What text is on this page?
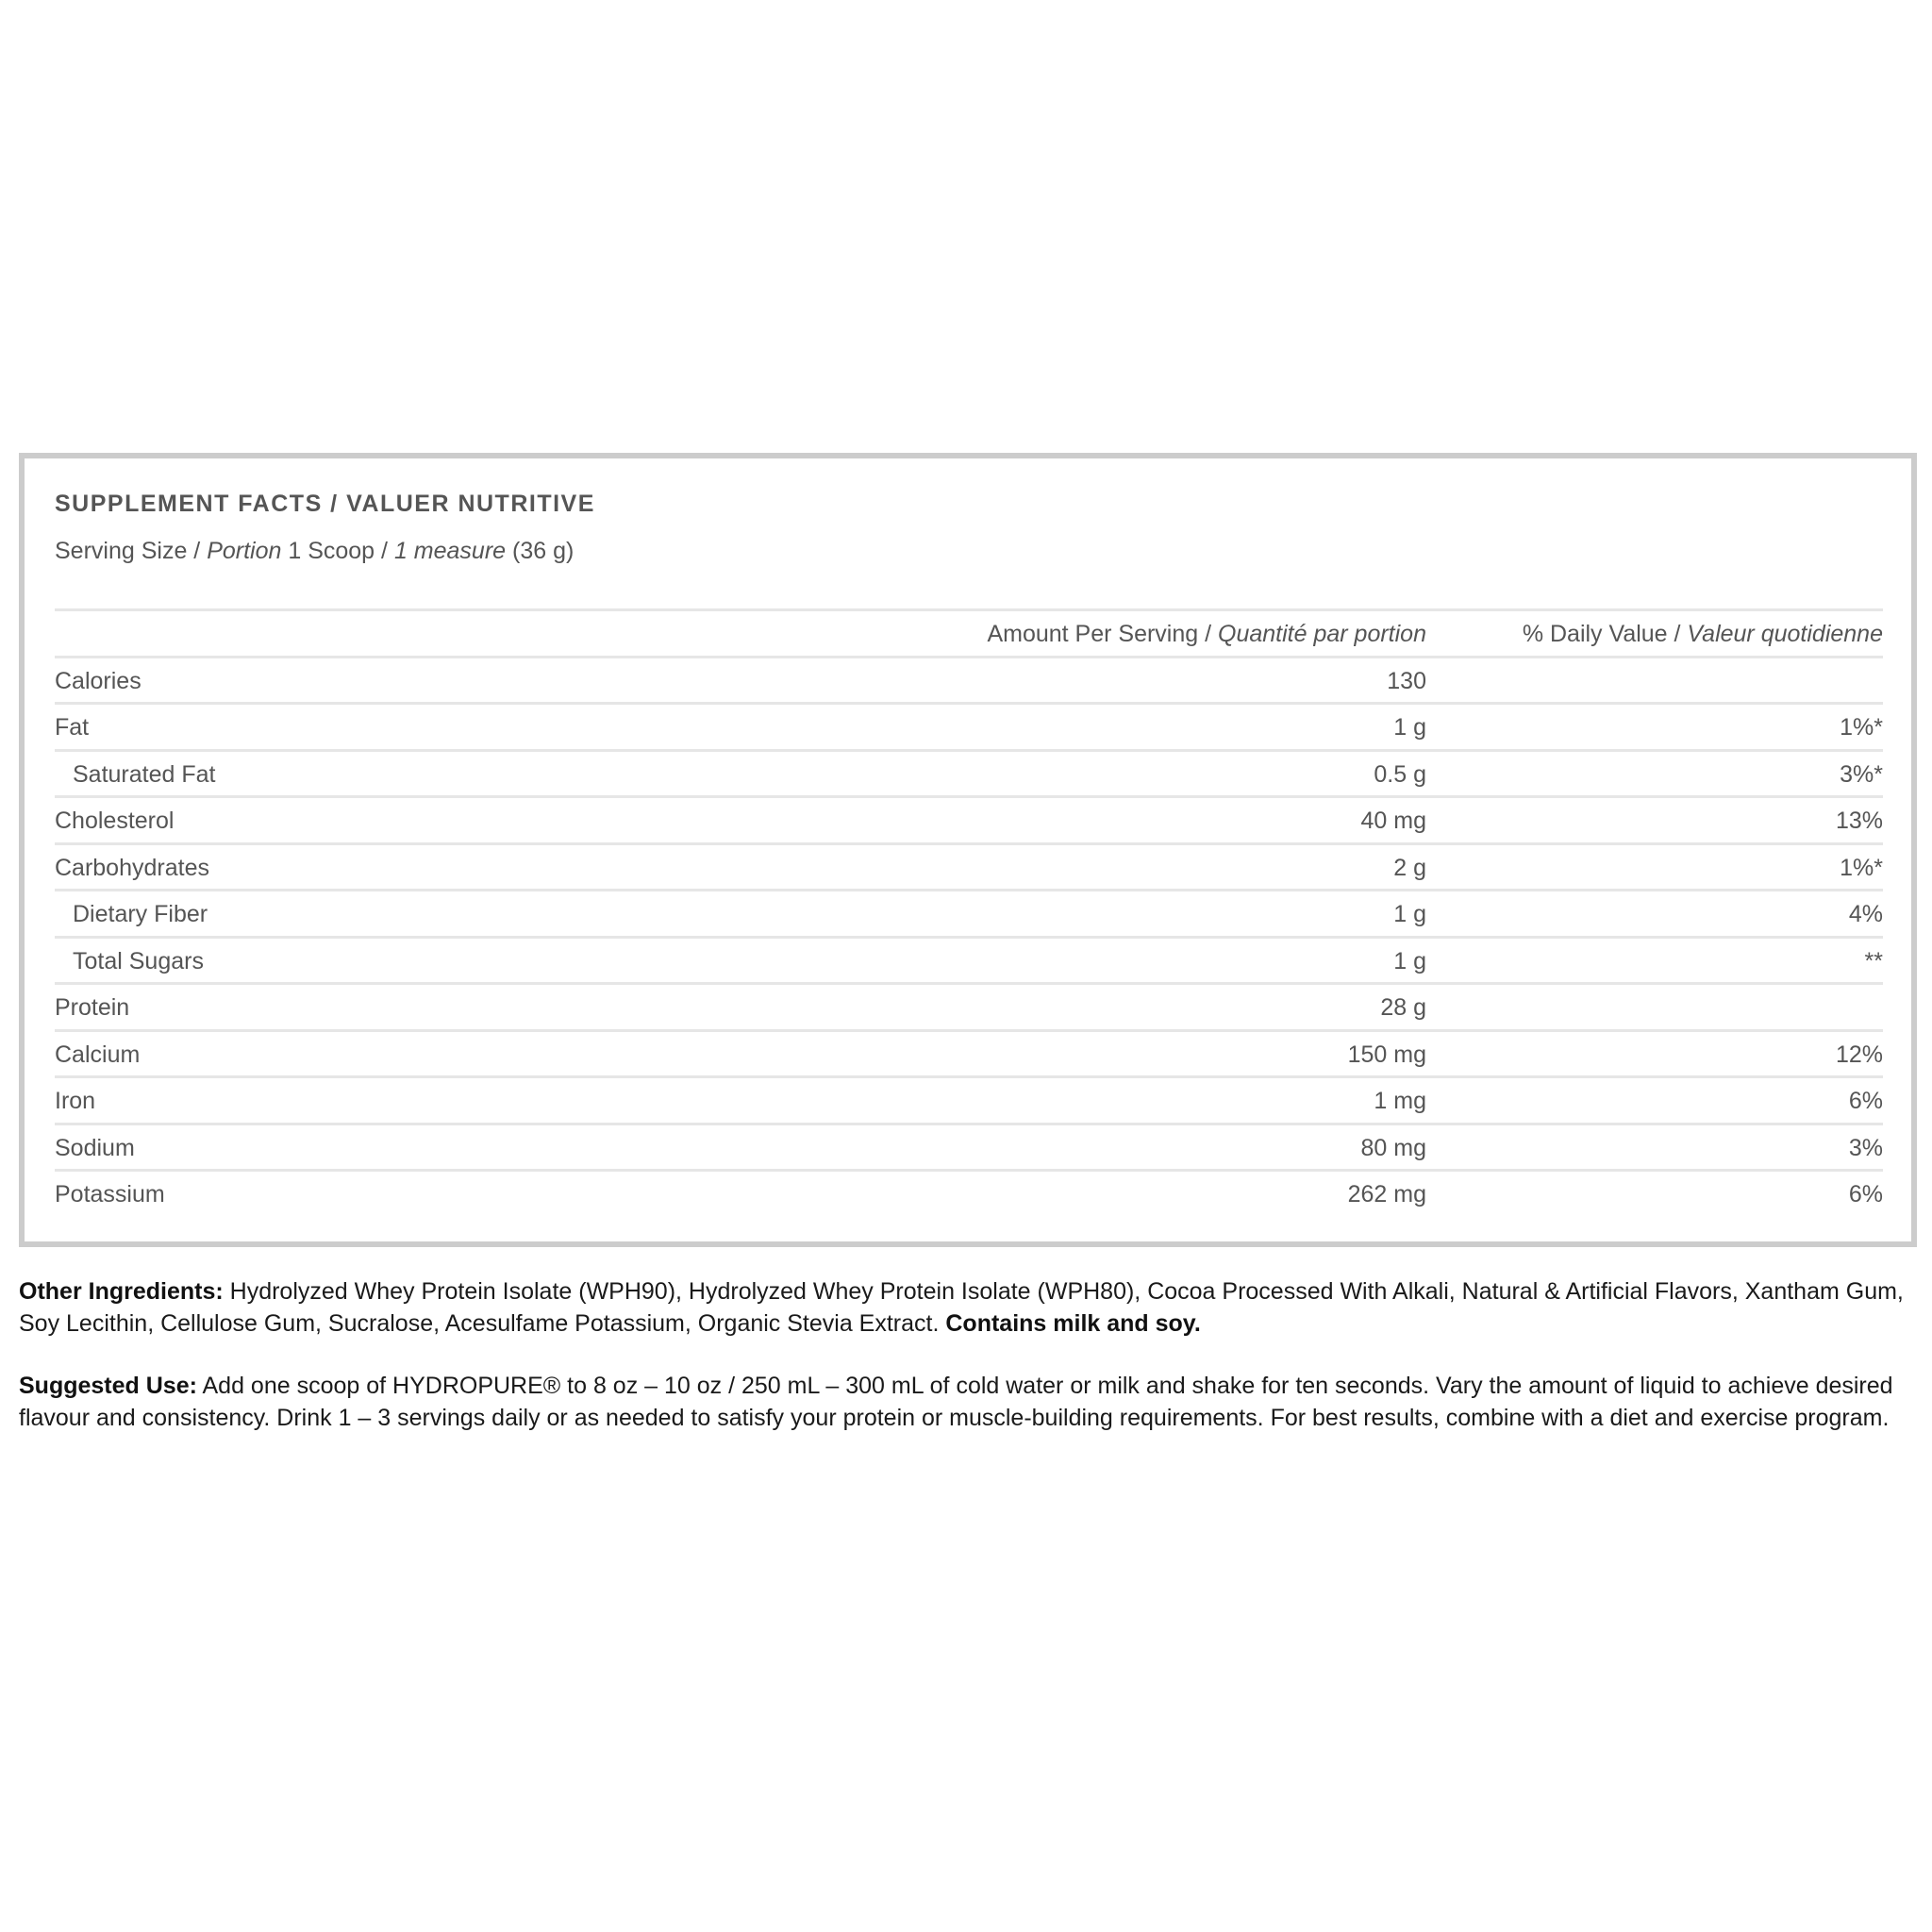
SUPPLEMENT FACTS / VALUER NUTRITIVE
Serving Size / Portion 1 Scoop / 1 measure (36 g)
Amount Per Serving / Quantité par portion	% Daily Value / Valeur quotidienne
Calories	130
Fat	1 g	1%*
Saturated Fat	0.5 g	3%*
Cholesterol	40 mg	13%
Carbohydrates	2 g	1%*
Dietary Fiber	1 g	4%
Total Sugars	1 g	**
Protein	28 g
Calcium	150 mg	12%
Iron	1 mg	6%
Sodium	80 mg	3%
Potassium	262 mg	6%
Other Ingredients: Hydrolyzed Whey Protein Isolate (WPH90), Hydrolyzed Whey Protein Isolate (WPH80), Cocoa Processed With Alkali, Natural & Artificial Flavors, Xantham Gum, Soy Lecithin, Cellulose Gum, Sucralose, Acesulfame Potassium, Organic Stevia Extract. Contains milk and soy.
Suggested Use: Add one scoop of HYDROPURE® to 8 oz – 10 oz / 250 mL – 300 mL of cold water or milk and shake for ten seconds. Vary the amount of liquid to achieve desired flavour and consistency. Drink 1 – 3 servings daily or as needed to satisfy your protein or muscle-building requirements. For best results, combine with a diet and exercise program.
